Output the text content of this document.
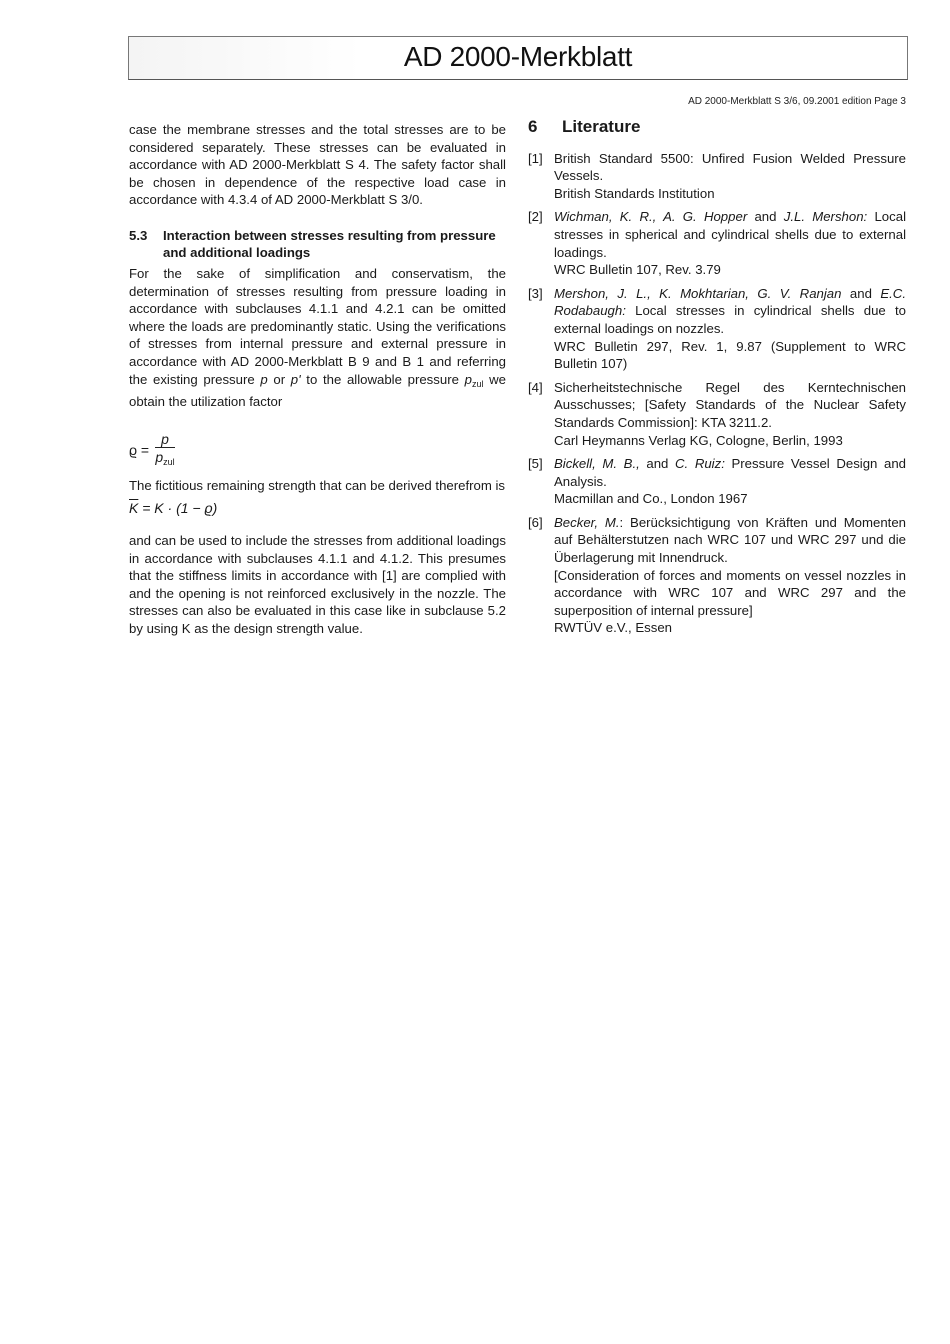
AD 2000-Merkblatt
AD 2000-Merkblatt S 3/6, 09.2001 edition Page 3

case the membrane stresses and the total stresses are to be considered separately. These stresses can be evaluated in accordance with AD 2000-Merkblatt S 4. The safety factor shall be chosen in dependence of the respective load case in accordance with 4.3.4 of AD 2000-Merkblatt S 3/0.

5.3	Interaction between stresses resulting from pressure and additional loadings

For the sake of simplification and conservatism, the determination of stresses resulting from pressure loading in accordance with subclauses 4.1.1 and 4.2.1 can be omitted where the loads are predominantly static. Using the verifications of stresses from internal pressure and external pressure in accordance with AD 2000-Merkblatt B 9 and B 1 and referring the existing pressure p or p' to the allowable pressure $p_{zul}$ we obtain the utilization factor

$ϱ = \frac{p}{p_{zul}}$

The fictitious remaining strength that can be derived therefrom is

$\overline{K} = K \cdot (1 - ϱ)$

and can be used to include the stresses from additional loadings in accordance with subclauses 4.1.1 and 4.1.2. This presumes that the stiffness limits in accordance with [1] are complied with and the opening is not reinforced exclusively in the nozzle. The stresses can also be evaluated in this case like in subclause 5.2 by using K as the design strength value.

6	Literature
[1] British Standard 5500: Unfired Fusion Welded Pressure Vessels.

British Standards Institution

[2] Wichman, K. R., A. G. Hopper and J.L. Mershon: Local stresses in spherical and cylindrical shells due to external loadings.

WRC Bulletin 107, Rev. 3.79

[3] Mershon, J. L., K. Mokhtarian, G. V. Ranjan and E.C. Rodabaugh: Local stresses in cylindrical shells due to external loadings on nozzles.

WRC Bulletin 297, Rev. 1, 9.87 (Supplement to WRC Bulletin 107)

[4] Sicherheitstechnische Regel des Kerntechnischen Ausschusses; [Safety Standards of the Nuclear Safety Standards Commission]: KTA 3211.2.

Carl Heymanns Verlag KG, Cologne, Berlin, 1993

[5] Bickell, M. B., and C. Ruiz: Pressure Vessel Design and Analysis.

Macmillan and Co., London 1967

[6] Becker, M.: Berücksichtigung von Kräften und Momenten auf Behälterstutzen nach WRC 107 und WRC 297 und die Überlagerung mit Innendruck.

[Consideration of forces and moments on vessel nozzles in accordance with WRC 107 and WRC 297 and the superposition of internal pressure]

RWTÜV e.V., Essen
